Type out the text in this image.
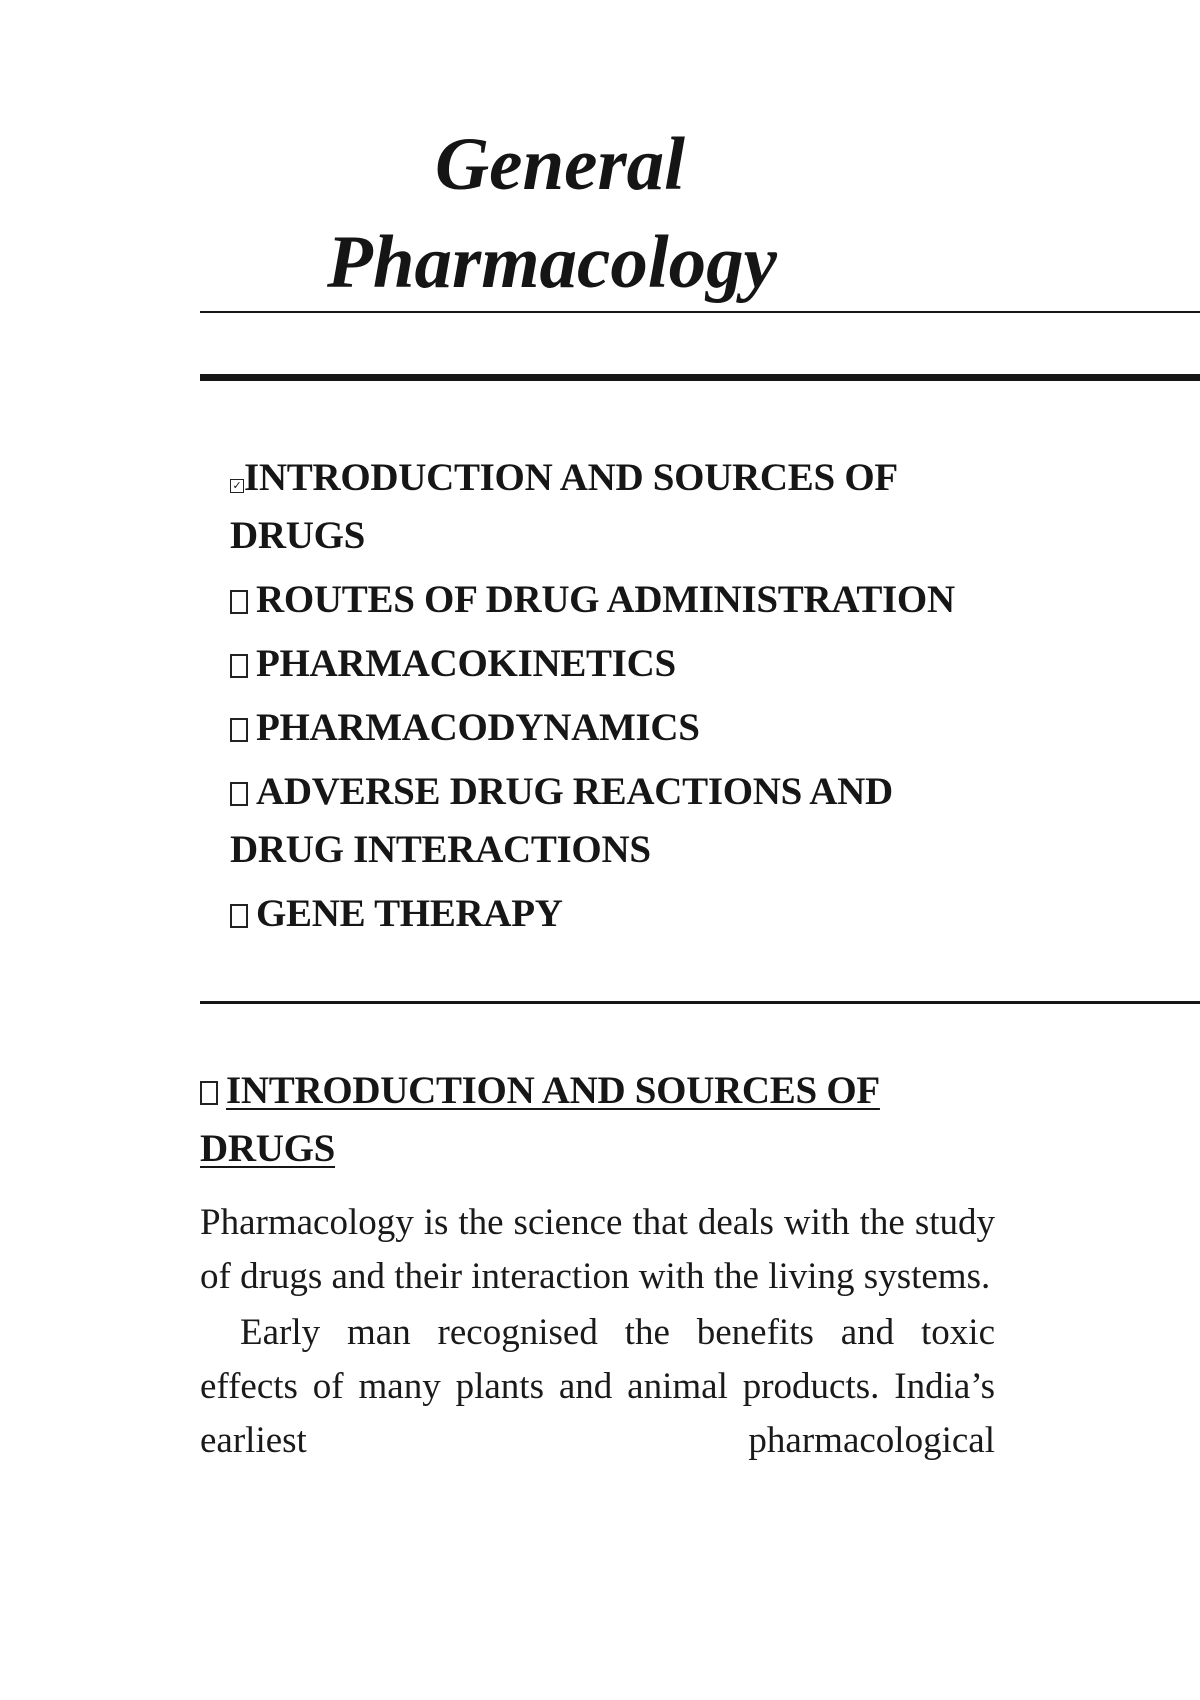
General
Pharmacology
✓INTRODUCTION AND SOURCES OF DRUGS
ROUTES OF DRUG ADMINISTRATION
PHARMACOKINETICS
PHARMACODYNAMICS
ADVERSE DRUG REACTIONS AND DRUG INTERACTIONS
GENE THERAPY
INTRODUCTION AND SOURCES OF DRUGS

Pharmacology is the science that deals with the study of drugs and their interaction with the living systems.

Early man recognised the benefits and toxic effects of many plants and animal products. India’s earliest pharmacological
